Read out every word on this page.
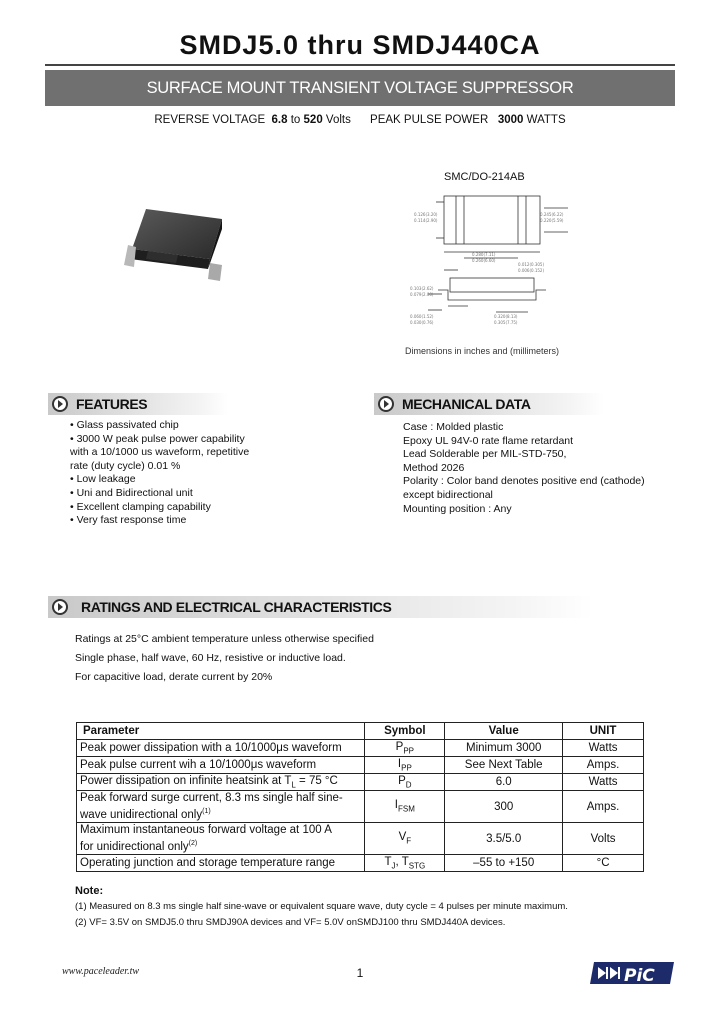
SMDJ5.0 thru SMDJ440CA
SURFACE MOUNT TRANSIENT VOLTAGE SUPPRESSOR
REVERSE VOLTAGE 6.8 to 520 Volts PEAK PULSE POWER 3000 WATTS
SMC/DO-214AB
0.126(3.20)
0.114(2.90)
0.245(6.22)
0.220(5.59)
0.280(7.11)
0.260(6.60)
0.012(0.305)
0.006(0.152)
0.103(2.62)
0.079(2.00)
0.060(1.52)
0.030(0.76)
0.320(8.13)
0.305(7.75)
Dimensions in inches and (millimeters)
FEATURES
• Glass passivated chip
• 3000 W peak pulse power capability
with a 10/1000 us waveform, repetitive
rate (duty cycle) 0.01 %
• Low leakage
• Uni and Bidirectional unit
• Excellent clamping capability
• Very fast response time
MECHANICAL DATA
Case : Molded plastic
Epoxy UL 94V-0 rate flame retardant
Lead Solderable per MIL-STD-750,
Method 2026
Polarity : Color band denotes positive end (cathode)
except bidirectional
Mounting position : Any
RATINGS AND ELECTRICAL CHARACTERISTICS
Ratings at 25°C ambient temperature unless otherwise specified
Single phase, half wave, 60 Hz, resistive or inductive load.
For capacitive load, derate current by 20%
Parameter	Symbol	Value	UNIT
Peak power dissipation with a 10/1000μs waveform	$P_{PP}$	Minimum 3000	Watts
Peak pulse current wih a 10/1000μs waveform	$I_{PP}$	See Next Table	Amps.
Power dissipation on infinite heatsink at $T_L = 75$ °C	$P_D$	6.0	Watts
Peak forward surge current, 8.3 ms single half sine-
wave unidirectional only$^{(1)}$	$I_{FSM}$	300	Amps.
Maximum instantaneous forward voltage at 100 A
for unidirectional only$^{(2)}$	$V_F$	3.5/5.0	Volts
Operating junction and storage temperature range	$T_J$, $T_{STG}$	–55 to +150	°C
Note:
(1) Measured on 8.3 ms single half sine-wave or equivalent square wave, duty cycle = 4 pulses per minute maximum.
(2) VF= 3.5V on SMDJ5.0 thru SMDJ90A devices and VF= 5.0V onSMDJ100 thru SMDJ440A devices.
www.paceleader.tw	1	PiC
